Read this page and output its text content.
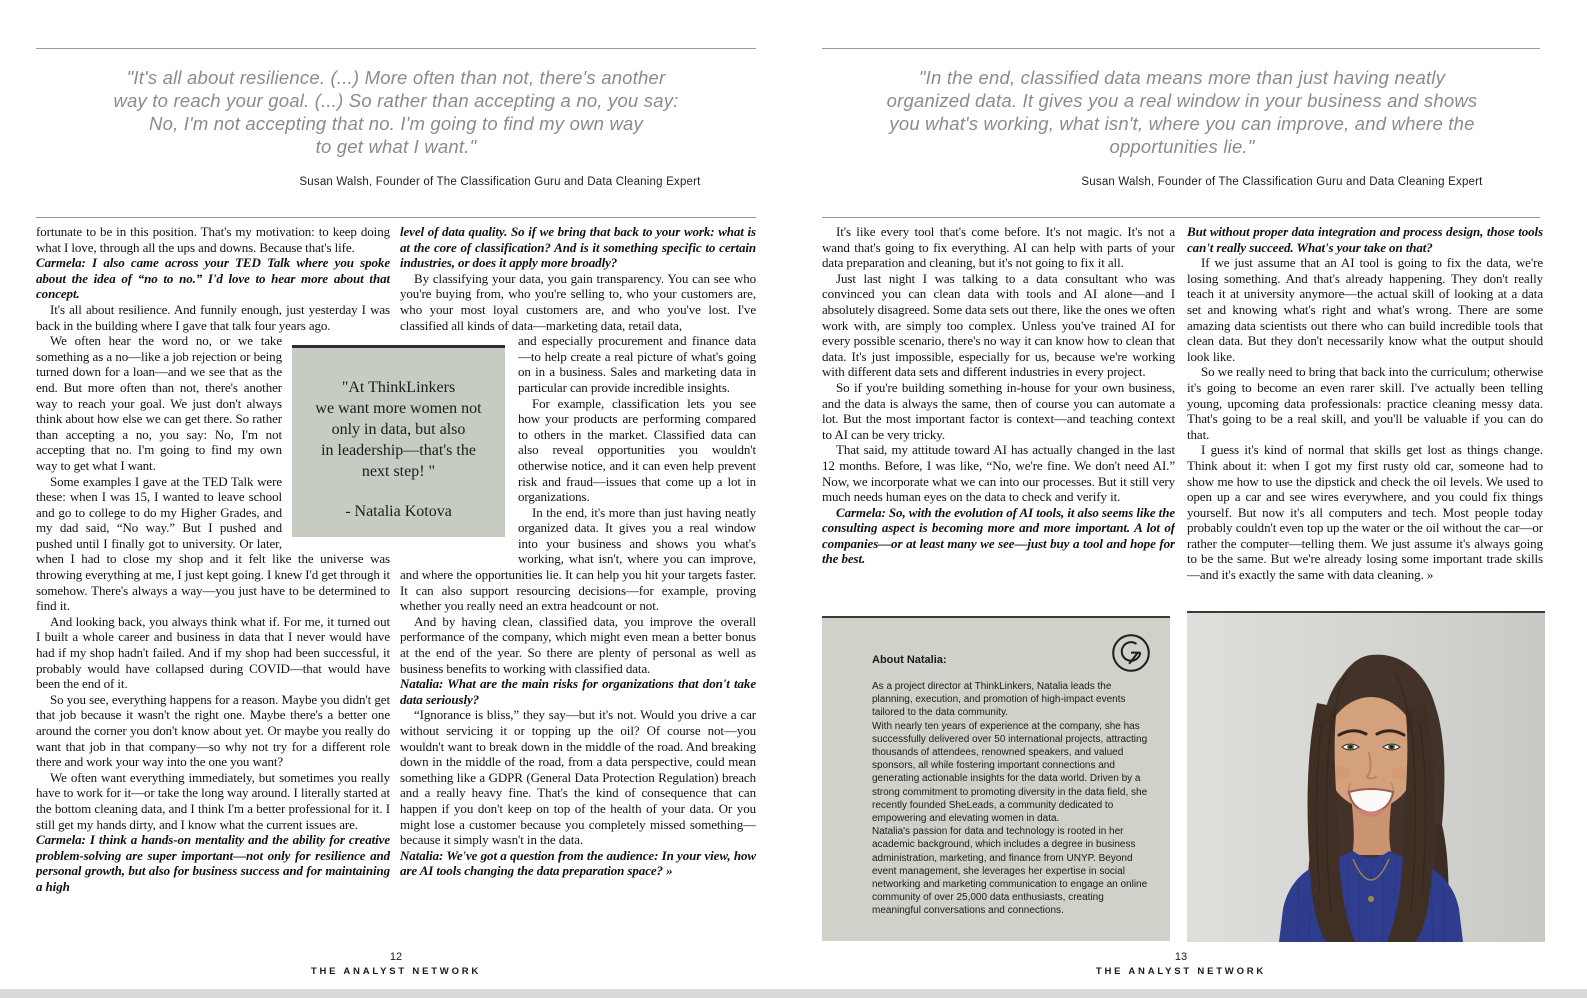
"It's all about resilience. (...) More often than not, there's another
way to reach your goal. (...) So rather than accepting a no, you say:
No, I'm not accepting that no. I'm going to find my own way
to get what I want."
Susan Walsh, Founder of The Classification Guru and Data Cleaning Expert

fortunate to be in this position. That's my motivation: to keep doing what I love, through all the ups and downs. Because that's life.

Carmela: I also came across your TED Talk where you spoke about the idea of “no to no.” I'd love to hear more about that concept.

It's all about resilience. And funnily enough, just yesterday I was back in the building where I gave that talk four years ago.

We often hear the word no, or we take something as a no—like a job rejection or being turned down for a loan—and we see that as the end. But more often than not, there's another way to reach your goal. We just don't always think about how else we can get there. So rather than accepting a no, you say: No, I'm not accepting that no. I'm going to find my own way to get what I want.

Some examples I gave at the TED Talk were these: when I was 15, I wanted to leave school and go to college to do my Higher Grades, and my dad said, “No way.” But I pushed and pushed until I finally got to university. Or later, when I had to close my shop and it felt like the universe was throwing everything at me, I just kept going. I knew I'd get through it somehow. There's always a way—you just have to be determined to find it.

And looking back, you always think what if. For me, it turned out I built a whole career and business in data that I never would have had if my shop hadn't failed. And if my shop had been successful, it probably would have collapsed during COVID—that would have been the end of it.

So you see, everything happens for a reason. Maybe you didn't get that job because it wasn't the right one. Maybe there's a better one around the corner you don't know about yet. Or maybe you really do want that job in that company—so why not try for a different role there and work your way into the one you want?

We often want everything immediately, but sometimes you really have to work for it—or take the long way around. I literally started at the bottom cleaning data, and I think I'm a better professional for it. I still get my hands dirty, and I know what the current issues are.

Carmela: I think a hands-on mentality and the ability for creative problem-solving are super important—not only for resilience and personal growth, but also for business success and for maintaining a high

level of data quality. So if we bring that back to your work: what is at the core of classification? And is it something specific to certain industries, or does it apply more broadly?

By classifying your data, you gain transparency. You can see who you're buying from, who you're selling to, who your customers are, who your most loyal customers are, and who you've lost. I've classified all kinds of data—marketing data, retail data,

and especially procurement and finance data—to help create a real picture of what's going on in a business. Sales and marketing data in particular can provide incredible insights.

For example, classification lets you see how your products are performing compared to others in the market. Classified data can also reveal opportunities you wouldn't otherwise notice, and it can even help prevent risk and fraud—issues that come up a lot in organizations.

In the end, it's more than just having neatly organized data. It gives you a real window into your business and shows you what's working, what isn't, where you can improve, and where the opportunities lie. It can help you hit your targets faster. It can also support resourcing decisions—for example, proving whether you really need an extra headcount or not.

And by having clean, classified data, you improve the overall performance of the company, which might even mean a better bonus at the end of the year. So there are plenty of personal as well as business benefits to working with classified data.

Natalia: What are the main risks for organizations that don't take data seriously?

“Ignorance is bliss,” they say—but it's not. Would you drive a car without servicing it or topping up the oil? Of course not—you wouldn't want to break down in the middle of the road. And breaking down in the middle of the road, from a data perspective, could mean something like a GDPR (General Data Protection Regulation) breach and a really heavy fine. That's the kind of consequence that can happen if you don't keep on top of the health of your data. Or you might lose a customer because you completely missed something—because it simply wasn't in the data.

Natalia: We've got a question from the audience: In your view, how are AI tools changing the data preparation space? »

"At ThinkLinkers
we want more women not
only in data, but also
in leadership—that's the
next step! "
- Natalia Kotova
12
THE ANALYST NETWORK
"In the end, classified data means more than just having neatly
organized data. It gives you a real window in your business and shows
you what's working, what isn't, where you can improve, and where the
opportunities lie."
Susan Walsh, Founder of The Classification Guru and Data Cleaning Expert

It's like every tool that's come before. It's not magic. It's not a wand that's going to fix everything. AI can help with parts of your data preparation and cleaning, but it's not going to fix it all.

Just last night I was talking to a data consultant who was convinced you can clean data with tools and AI alone—and I absolutely disagreed. Some data sets out there, like the ones we often work with, are simply too complex. Unless you've trained AI for every possible scenario, there's no way it can know how to clean that data. It's just impossible, especially for us, because we're working with different data sets and different industries in every project.

So if you're building something in-house for your own business, and the data is always the same, then of course you can automate a lot. But the most important factor is context—and teaching context to AI can be very tricky.

That said, my attitude toward AI has actually changed in the last 12 months. Before, I was like, “No, we're fine. We don't need AI.” Now, we incorporate what we can into our processes. But it still very much needs human eyes on the data to check and verify it.

Carmela: So, with the evolution of AI tools, it also seems like the consulting aspect is becoming more and more important. A lot of companies—or at least many we see—just buy a tool and hope for the best.

But without proper data integration and process design, those tools can't really succeed. What's your take on that?

If we just assume that an AI tool is going to fix the data, we're losing something. And that's already happening. They don't really teach it at university anymore—the actual skill of looking at a data set and knowing what's right and what's wrong. There are some amazing data scientists out there who can build incredible tools that clean data. But they don't necessarily know what the output should look like.

So we really need to bring that back into the curriculum; otherwise it's going to become an even rarer skill. I've actually been telling young, upcoming data professionals: practice cleaning messy data. That's going to be a real skill, and you'll be valuable if you can do that.

I guess it's kind of normal that skills get lost as things change. Think about it: when I got my first rusty old car, someone had to show me how to use the dipstick and check the oil levels. We used to open up a car and see wires everywhere, and you could fix things yourself. But now it's all computers and tech. Most people today probably couldn't even top up the water or the oil without the car—or rather the computer—telling them. We just assume it's always going to be the same. But we're already losing some important trade skills—and it's exactly the same with data cleaning. »

About Natalia:

As a project director at ThinkLinkers, Natalia leads the planning, execution, and promotion of high-impact events tailored to the data community.

With nearly ten years of experience at the company, she has successfully delivered over 50 international projects, attracting thousands of attendees, renowned speakers, and valued sponsors, all while fostering important connections and generating actionable insights for the data world. Driven by a strong commitment to promoting diversity in the data field, she recently founded SheLeads, a community dedicated to empowering and elevating women in data.

Natalia's passion for data and technology is rooted in her academic background, which includes a degree in business administration, marketing, and finance from UNYP. Beyond event management, she leverages her expertise in social networking and marketing communication to engage an online community of over 25,000 data enthusiasts, creating meaningful conversations and connections.

13
THE ANALYST NETWORK
